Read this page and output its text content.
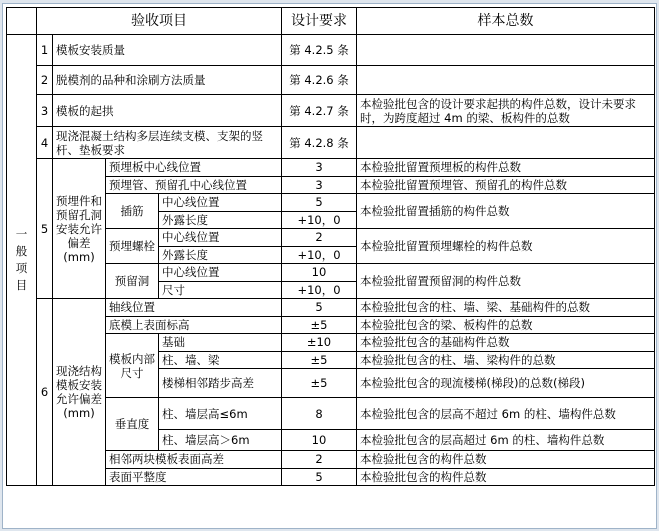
	验收项目				设计要求	样本总数
一般项目	1	模板安装质量			第 4.2.5 条	
	2	脱模剂的品种和涂刷方法质量			第 4.2.6 条	
	3	模板的起拱			第 4.2.7 条	本检验批包含的设计要求起拱的构件总数，设计未要求时，为跨度超过 4m 的梁、板构件的总数
	4	现浇混凝土结构多层连续支模、支架的竖杆、垫板要求			第 4.2.8 条	
	5	预埋件和预留孔洞安装允许偏差(mm)	预埋板中心线位置		3	本检验批留置预埋板的构件总数
			预埋管、预留孔中心线位置		3	本检验批留置预埋管、预留孔的构件总数
			插筋	中心线位置	5	本检验批留置插筋的构件总数
				外露长度	+10，0	
			预埋螺栓	中心线位置	2	本检验批留置预埋螺栓的构件总数
				外露长度	+10，0	
			预留洞	中心线位置	10	本检验批留置预留洞的构件总数
				尺寸	+10，0	
	6	现浇结构模板安装允许偏差(mm)	轴线位置		5	本检验批包含的柱、墙、梁、基础构件的总数
			底模上表面标高		±5	本检验批包含的梁、板构件的总数
			模板内部尺寸	基础	±10	本检验批包含的基础构件总数
				柱、墙、梁	±5	本检验批包含的柱、墙、梁构件的总数
				楼梯相邻踏步高差	±5	本检验批包含的现流楼梯(梯段)的总数(梯段)
			垂直度	柱、墙层高≤6m	8	本检验批包含的层高不超过 6m 的柱、墙构件总数
				柱、墙层高＞6m	10	本检验批包含的层高超过 6m 的柱、墙构件总数
			相邻两块模板表面高差		2	本检验批包含的构件总数
			表面平整度		5	本检验批包含的构件总数
